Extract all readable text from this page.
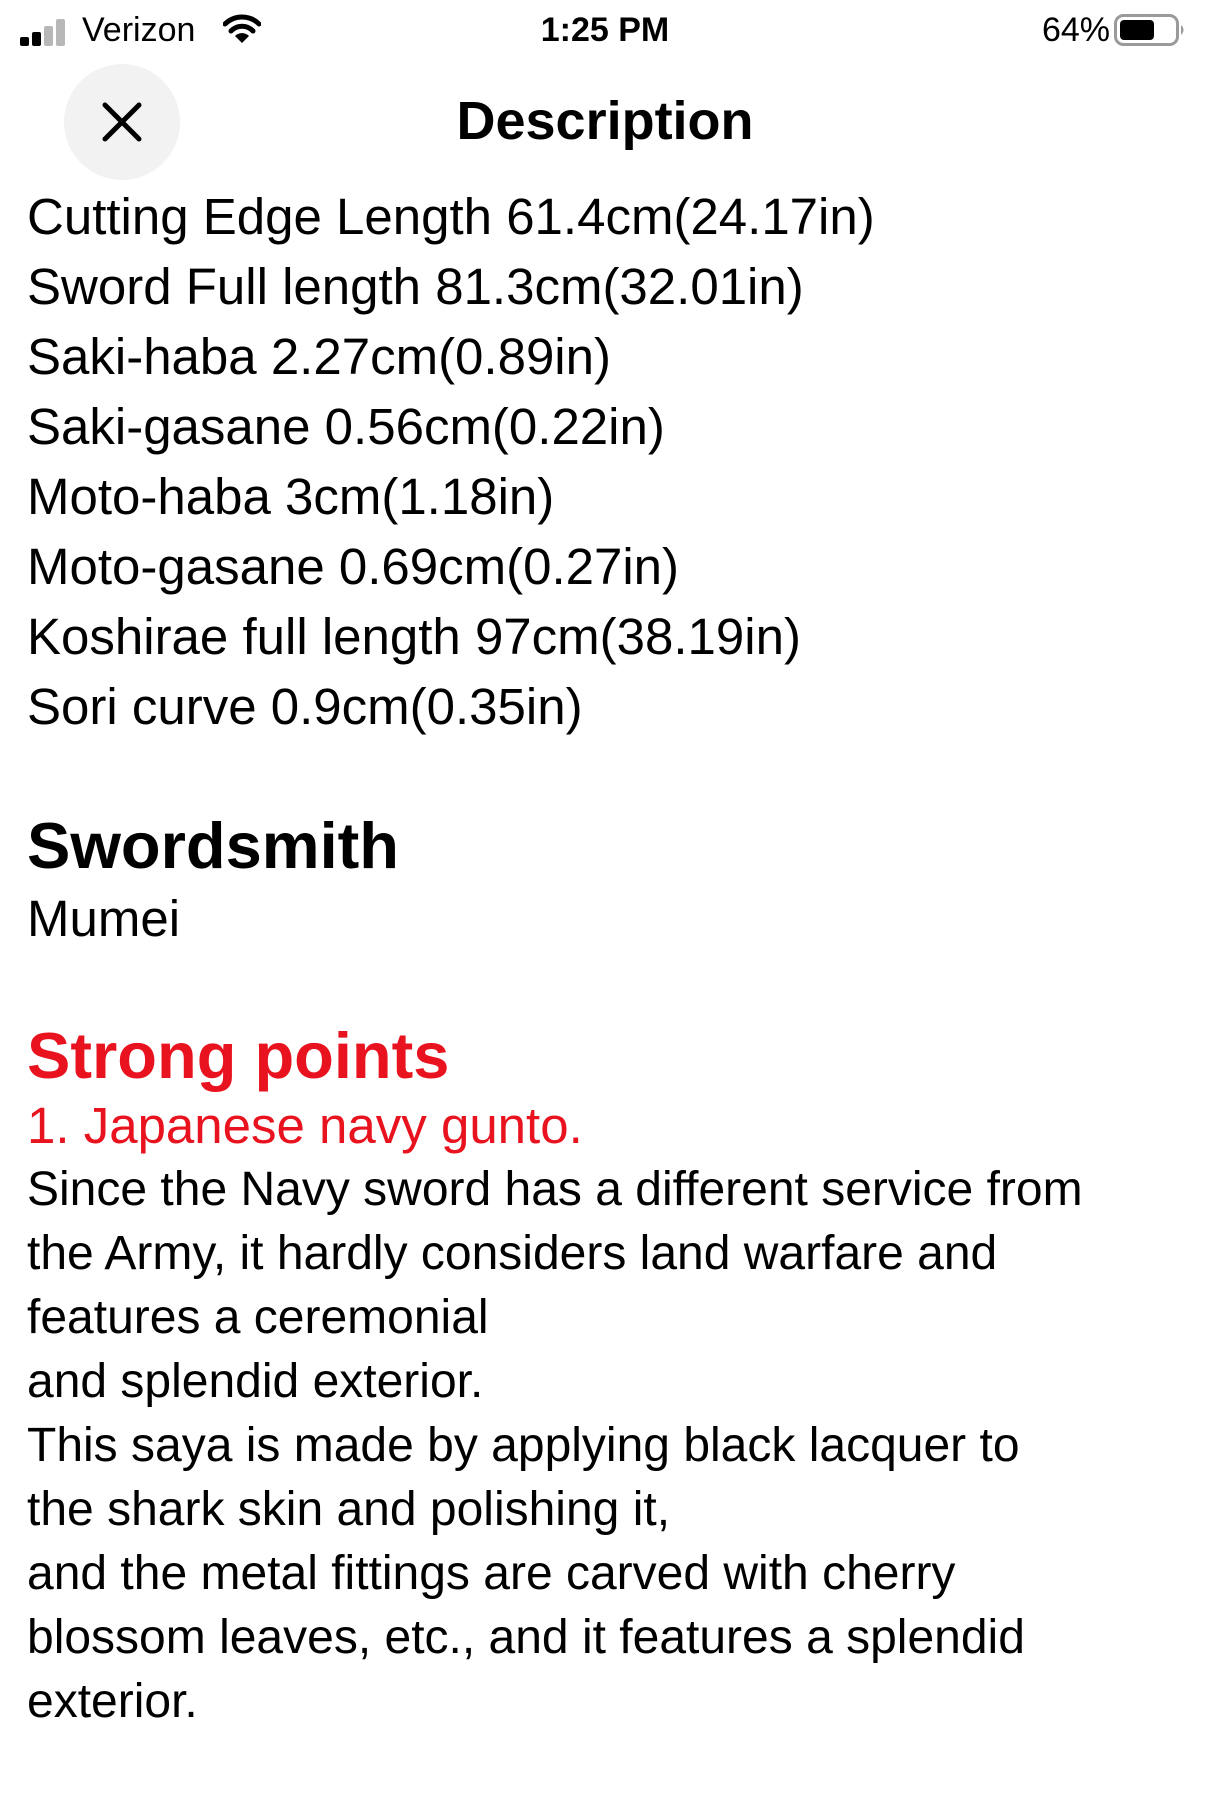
Verizon	1:25 PM	64%
Description
Cutting Edge Length 61.4cm(24.17in)
Sword Full length 81.3cm(32.01in)
Saki-haba 2.27cm(0.89in)
Saki-gasane 0.56cm(0.22in)
Moto-haba 3cm(1.18in)
Moto-gasane 0.69cm(0.27in)
Koshirae full length 97cm(38.19in)
Sori curve 0.9cm(0.35in)
Swordsmith
Mumei
Strong points
1. Japanese navy gunto.
Since the Navy sword has a different service from
the Army, it hardly considers land warfare and
features a ceremonial
and splendid exterior.
This saya is made by applying black lacquer to
the shark skin and polishing it,
and the metal fittings are carved with cherry
blossom leaves, etc., and it features a splendid
exterior.
